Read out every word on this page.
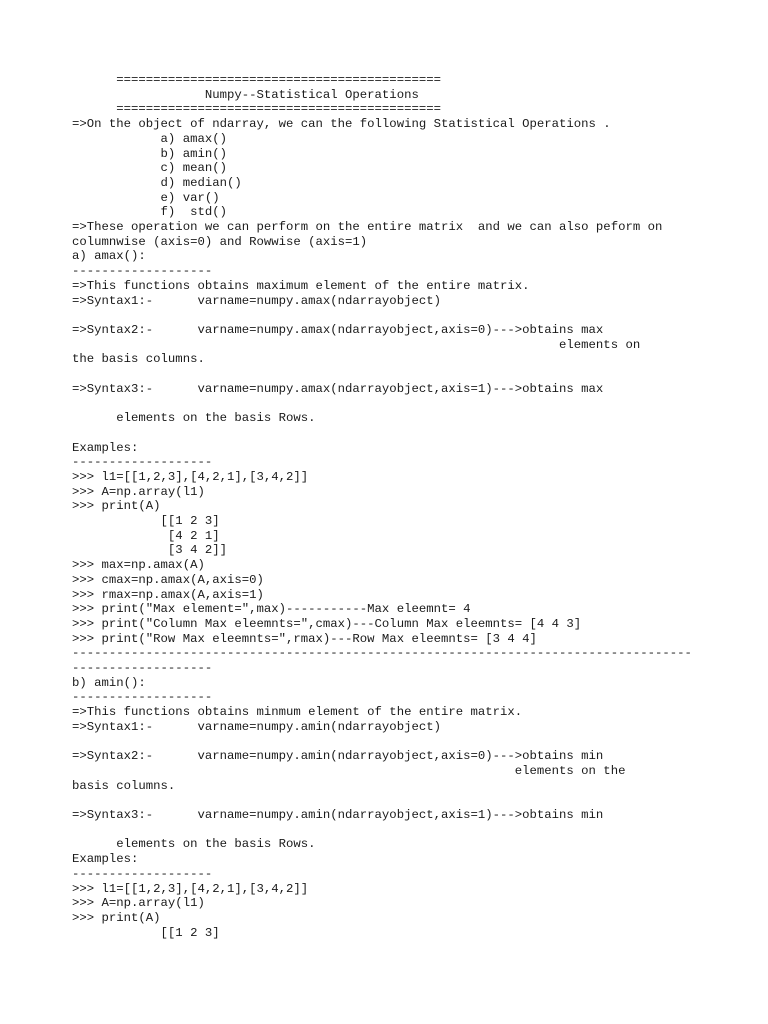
============================================
Numpy--Statistical Operations
============================================
=>On the object of ndarray, we can the following Statistical Operations .
a) amax()
b) amin()
c) mean()
d) median()
e) var()
f)  std()
=>These operation we can perform on the entire matrix  and we can also peform on
columnwise (axis=0) and Rowwise (axis=1)
a) amax():
-------------------
=>This functions obtains maximum element of the entire matrix.
=>Syntax1:-      varname=numpy.amax(ndarrayobject)
=>Syntax2:-      varname=numpy.amax(ndarrayobject,axis=0)--->obtains max
elements on
the basis columns.
=>Syntax3:-      varname=numpy.amax(ndarrayobject,axis=1)--->obtains max
elements on the basis Rows.
Examples:
-------------------
>>> l1=[[1,2,3],[4,2,1],[3,4,2]]
>>> A=np.array(l1)
>>> print(A)
[[1 2 3]
[4 2 1]
[3 4 2]]
>>> max=np.amax(A)
>>> cmax=np.amax(A,axis=0)
>>> rmax=np.amax(A,axis=1)
>>> print("Max element=",max)-----------Max eleemnt= 4
>>> print("Column Max eleemnts=",cmax)---Column Max eleemnts= [4 4 3]
>>> print("Row Max eleemnts=",rmax)---Row Max eleemnts= [3 4 4]
------------------------------------------------------------------------------------
-------------------
b) amin():
-------------------
=>This functions obtains minmum element of the entire matrix.
=>Syntax1:-      varname=numpy.amin(ndarrayobject)
=>Syntax2:-      varname=numpy.amin(ndarrayobject,axis=0)--->obtains min
elements on the
basis columns.
=>Syntax3:-      varname=numpy.amin(ndarrayobject,axis=1)--->obtains min
elements on the basis Rows.
Examples:
-------------------
>>> l1=[[1,2,3],[4,2,1],[3,4,2]]
>>> A=np.array(l1)
>>> print(A)
[[1 2 3]
